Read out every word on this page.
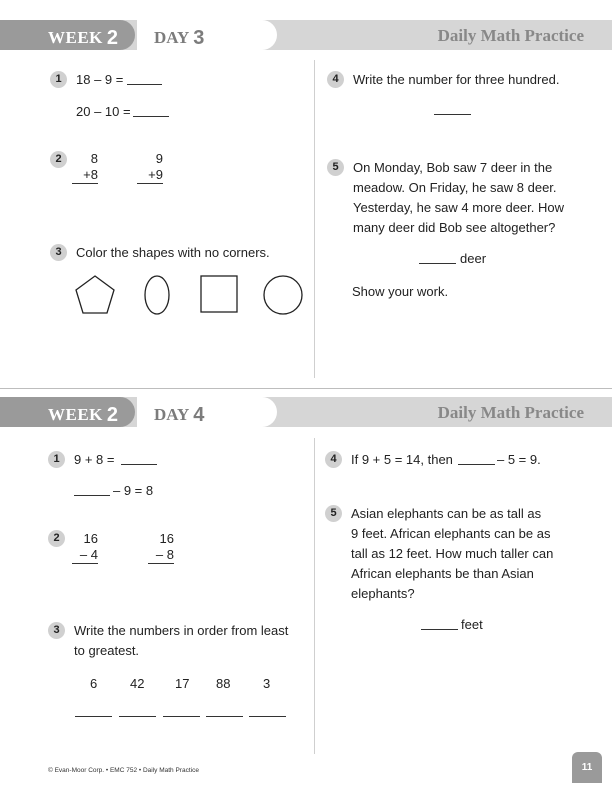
DAY 3
WEEK 2	Daily Math Practice
1	18 – 9 =
20 – 10 =
2	8
+8
9
+9
3	Color the shapes with no corners.
4	Write the number for three hundred.
5	On Monday, Bob saw 7 deer in the
meadow. On Friday, he saw 8 deer.
Yesterday, he saw 4 more deer. How
many deer did Bob see altogether?
deer
Show your work.
DAY 4
WEEK 2	Daily Math Practice
1	9 + 8 =
– 9 = 8
2	16
– 4
16
– 8
3	Write the numbers in order from least
to greatest.
6	42 17 88	3
4	If 9 + 5 = 14, then	– 5 = 9.
5	Asian elephants can be as tall as
9 feet. African elephants can be as
tall as 12 feet. How much taller can
African elephants be than Asian
elephants?
feet
© Evan-Moor Corp. • EMC 752 • Daily Math Practice	11
